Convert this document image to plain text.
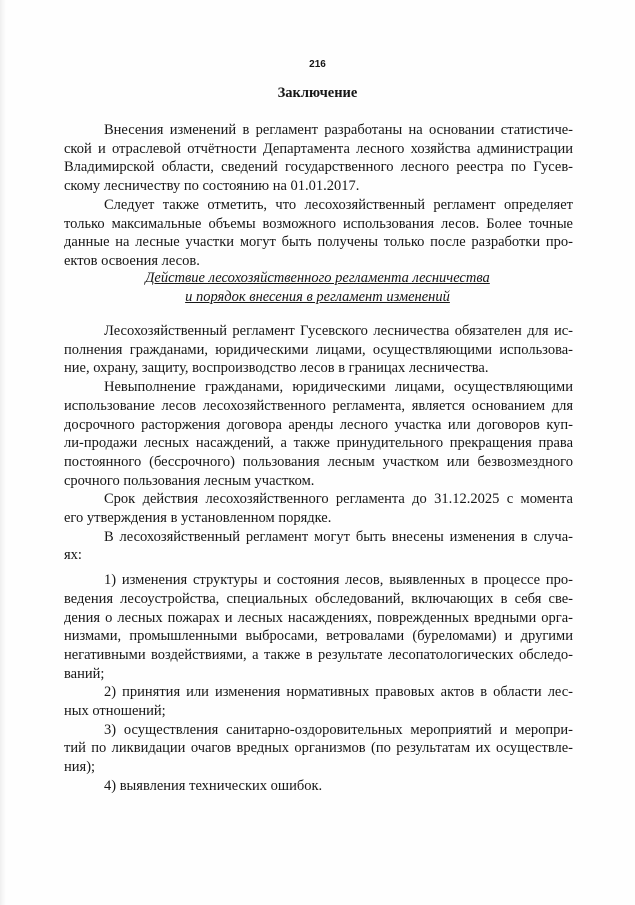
216
Заключение
Внесения изменений в регламент разработаны на основании статистиче-
ской и отраслевой отчётности Департамента лесного хозяйства администрации
Владимирской области, сведений государственного лесного реестра по Гусев-
скому лесничеству по состоянию на 01.01.2017.
Следует также отметить, что лесохозяйственный регламент определяет
только максимальные объемы возможного использования лесов. Более точные
данные на лесные участки могут быть получены только после разработки про-
ектов освоения лесов.
Действие лесохозяйственного регламента лесничества
и порядок внесения в регламент изменений
Лесохозяйственный регламент Гусевского лесничества обязателен для ис-
полнения гражданами, юридическими лицами, осуществляющими использова-
ние, охрану, защиту, воспроизводство лесов в границах лесничества.
Невыполнение гражданами, юридическими лицами, осуществляющими
использование лесов лесохозяйственного регламента, является основанием для
досрочного расторжения договора аренды лесного участка или договоров куп-
ли-продажи лесных насаждений, а также принудительного прекращения права
постоянного (бессрочного) пользования лесным участком или безвозмездного
срочного пользования лесным участком.
Срок действия лесохозяйственного регламента до 31.12.2025 с момента
его утверждения в установленном порядке.
В лесохозяйственный регламент могут быть внесены изменения в случа-
ях:
1) изменения структуры и состояния лесов, выявленных в процессе про-
ведения лесоустройства, специальных обследований, включающих в себя све-
дения о лесных пожарах и лесных насаждениях, поврежденных вредными орга-
низмами, промышленными выбросами, ветровалами (буреломами) и другими
негативными воздействиями, а также в результате лесопатологических обследо-
ваний;
2) принятия или изменения нормативных правовых актов в области лес-
ных отношений;
3) осуществления санитарно-оздоровительных мероприятий и меропри-
тий по ликвидации очагов вредных организмов (по результатам их осуществле-
ния);
4) выявления технических ошибок.
